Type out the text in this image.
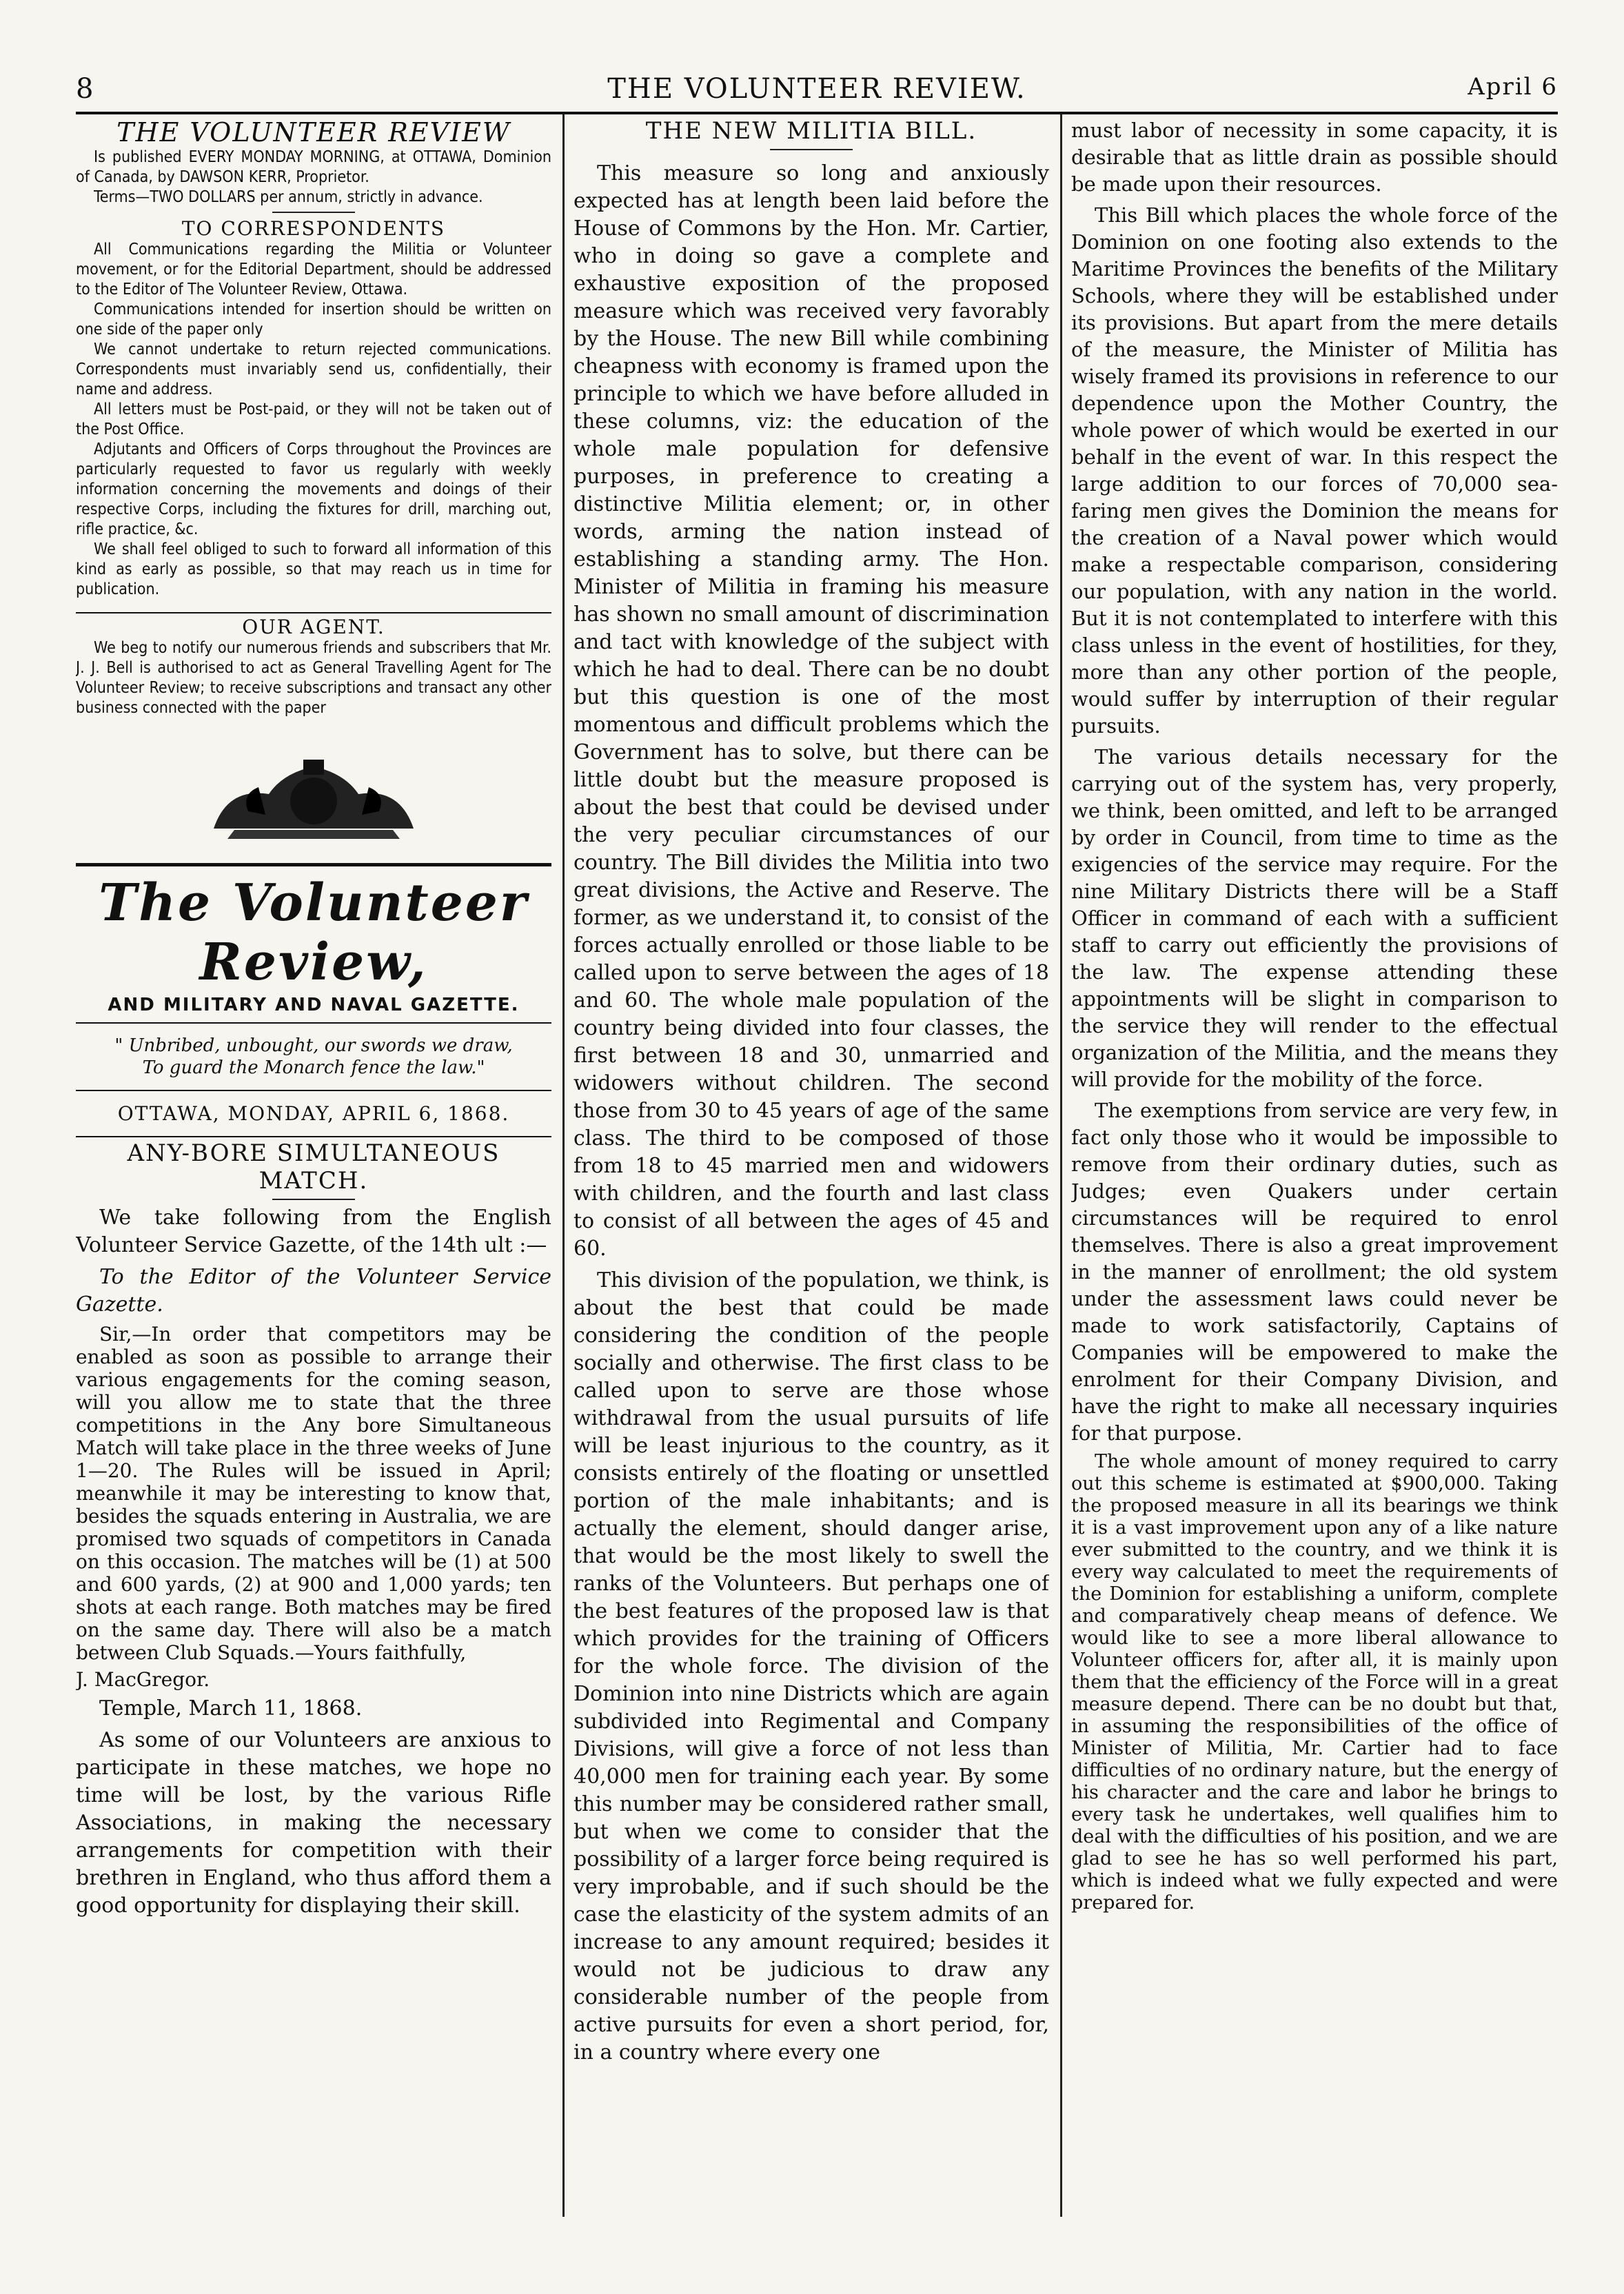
8	THE VOLUNTEER REVIEW.	April 6
THE VOLUNTEER REVIEW

Is published EVERY MONDAY MORNING, at OTTAWA, Dominion of Canada, by DAWSON KERR, Proprietor.

Terms—TWO DOLLARS per annum, strictly in advance.

TO CORRESPONDENTS

All Communications regarding the Militia or Volunteer movement, or for the Editorial Department, should be addressed to the Editor of The Volunteer Review, Ottawa.

Communications intended for insertion should be written on one side of the paper only

We cannot undertake to return rejected communications. Correspondents must invariably send us, confidentially, their name and address.

All letters must be Post-paid, or they will not be taken out of the Post Office.

Adjutants and Officers of Corps throughout the Provinces are particularly requested to favor us regularly with weekly information concerning the movements and doings of their respective Corps, including the fixtures for drill, marching out, rifle practice, &c.

We shall feel obliged to such to forward all information of this kind as early as possible, so that may reach us in time for publication.

OUR AGENT.

We beg to notify our numerous friends and subscribers that Mr. J. J. Bell is authorised to act as General Travelling Agent for The Volunteer Review; to receive subscriptions and transact any other business connected with the paper

The Volunteer Review,
AND MILITARY AND NAVAL GAZETTE.
" Unbribed, unbought, our swords we draw,
To guard the Monarch fence the law."
OTTAWA, MONDAY, APRIL 6, 1868.
ANY-BORE SIMULTANEOUS MATCH.

We take following from the English Volunteer Service Gazette, of the 14th ult :—

To the Editor of the Volunteer Service Gazette.

Sir,—In order that competitors may be enabled as soon as possible to arrange their various engagements for the coming season, will you allow me to state that the three competitions in the Any bore Simultaneous Match will take place in the three weeks of June 1—20. The Rules will be issued in April; meanwhile it may be interesting to know that, besides the squads entering in Australia, we are promised two squads of competitors in Canada on this occasion. The matches will be (1) at 500 and 600 yards, (2) at 900 and 1,000 yards; ten shots at each range. Both matches may be fired on the same day. There will also be a match between Club Squads.—Yours faithfully,

J. MacGregor.

Temple, March 11, 1868.

As some of our Volunteers are anxious to participate in these matches, we hope no time will be lost, by the various Rifle Associations, in making the necessary arrangements for competition with their brethren in England, who thus afford them a good opportunity for displaying their skill.

THE NEW MILITIA BILL.

This measure so long and anxiously expected has at length been laid before the House of Commons by the Hon. Mr. Cartier, who in doing so gave a complete and exhaustive exposition of the proposed measure which was received very favorably by the House. The new Bill while combining cheapness with economy is framed upon the principle to which we have before alluded in these columns, viz: the education of the whole male population for defensive purposes, in preference to creating a distinctive Militia element; or, in other words, arming the nation instead of establishing a standing army. The Hon. Minister of Militia in framing his measure has shown no small amount of discrimination and tact with knowledge of the subject with which he had to deal. There can be no doubt but this question is one of the most momentous and difficult problems which the Government has to solve, but there can be little doubt but the measure proposed is about the best that could be devised under the very peculiar circumstances of our country. The Bill divides the Militia into two great divisions, the Active and Reserve. The former, as we understand it, to consist of the forces actually enrolled or those liable to be called upon to serve between the ages of 18 and 60. The whole male population of the country being divided into four classes, the first between 18 and 30, unmarried and widowers without children. The second those from 30 to 45 years of age of the same class. The third to be composed of those from 18 to 45 married men and widowers with children, and the fourth and last class to consist of all between the ages of 45 and 60.

This division of the population, we think, is about the best that could be made considering the condition of the people socially and otherwise. The first class to be called upon to serve are those whose withdrawal from the usual pursuits of life will be least injurious to the country, as it consists entirely of the floating or unsettled portion of the male inhabitants; and is actually the element, should danger arise, that would be the most likely to swell the ranks of the Volunteers. But perhaps one of the best features of the proposed law is that which provides for the training of Officers for the whole force. The division of the Dominion into nine Districts which are again subdivided into Regimental and Company Divisions, will give a force of not less than 40,000 men for training each year. By some this number may be considered rather small, but when we come to consider that the possibility of a larger force being required is very improbable, and if such should be the case the elasticity of the system admits of an increase to any amount required; besides it would not be judicious to draw any considerable number of the people from active pursuits for even a short period, for, in a country where every one

must labor of necessity in some capacity, it is desirable that as little drain as possible should be made upon their resources.

This Bill which places the whole force of the Dominion on one footing also extends to the Maritime Provinces the benefits of the Military Schools, where they will be established under its provisions. But apart from the mere details of the measure, the Minister of Militia has wisely framed its provisions in reference to our dependence upon the Mother Country, the whole power of which would be exerted in our behalf in the event of war. In this respect the large addition to our forces of 70,000 sea-faring men gives the Dominion the means for the creation of a Naval power which would make a respectable comparison, considering our population, with any nation in the world. But it is not contemplated to interfere with this class unless in the event of hostilities, for they, more than any other portion of the people, would suffer by interruption of their regular pursuits.

The various details necessary for the carrying out of the system has, very properly, we think, been omitted, and left to be arranged by order in Council, from time to time as the exigencies of the service may require. For the nine Military Districts there will be a Staff Officer in command of each with a sufficient staff to carry out efficiently the provisions of the law. The expense attending these appointments will be slight in comparison to the service they will render to the effectual organization of the Militia, and the means they will provide for the mobility of the force.

The exemptions from service are very few, in fact only those who it would be impossible to remove from their ordinary duties, such as Judges; even Quakers under certain circumstances will be required to enrol themselves. There is also a great improvement in the manner of enrollment; the old system under the assessment laws could never be made to work satisfactorily, Captains of Companies will be empowered to make the enrolment for their Company Division, and have the right to make all necessary inquiries for that purpose.

The whole amount of money required to carry out this scheme is estimated at $900,000. Taking the proposed measure in all its bearings we think it is a vast improvement upon any of a like nature ever submitted to the country, and we think it is every way calculated to meet the requirements of the Dominion for establishing a uniform, complete and comparatively cheap means of defence. We would like to see a more liberal allowance to Volunteer officers for, after all, it is mainly upon them that the efficiency of the Force will in a great measure depend. There can be no doubt but that, in assuming the responsibilities of the office of Minister of Militia, Mr. Cartier had to face difficulties of no ordinary nature, but the energy of his character and the care and labor he brings to every task he undertakes, well qualifies him to deal with the difficulties of his position, and we are glad to see he has so well performed his part, which is indeed what we fully expected and were prepared for.
